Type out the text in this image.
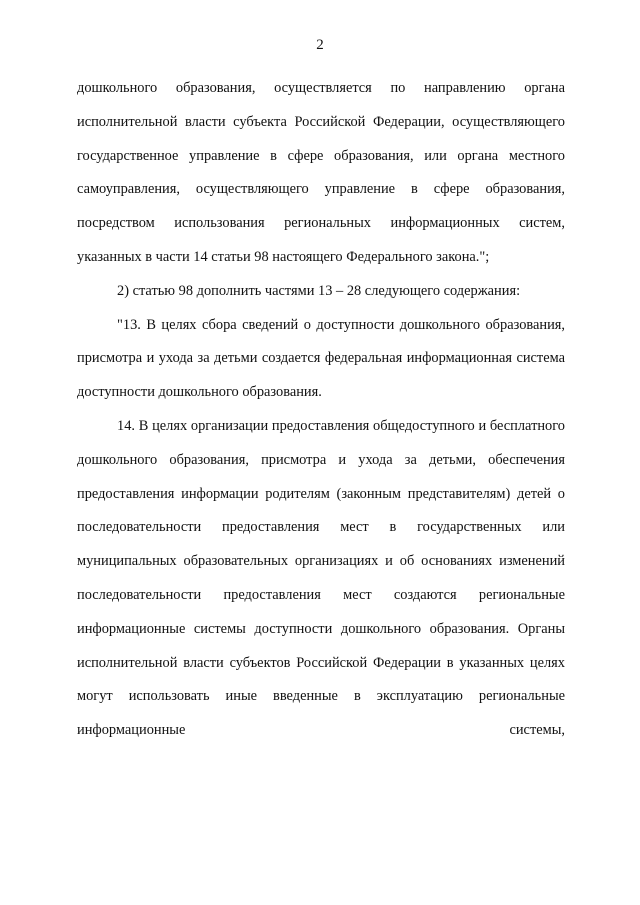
2

дошкольного образования, осуществляется по направлению органа исполнительной власти субъекта Российской Федерации, осуществляющего государственное управление в сфере образования, или органа местного самоуправления, осуществляющего управление в сфере образования, посредством использования региональных информационных систем, указанных в части 14 статьи 98 настоящего Федерального закона.";

2) статью 98 дополнить частями 13 – 28 следующего содержания:

"13. В целях сбора сведений о доступности дошкольного образования, присмотра и ухода за детьми создается федеральная информационная система доступности дошкольного образования.

14. В целях организации предоставления общедоступного и бесплатного дошкольного образования, присмотра и ухода за детьми, обеспечения предоставления информации родителям (законным представителям) детей о последовательности предоставления мест в государственных или муниципальных образовательных организациях и об основаниях изменений последовательности предоставления мест создаются региональные информационные системы доступности дошкольного образования. Органы исполнительной власти субъектов Российской Федерации в указанных целях могут использовать иные введенные в эксплуатацию региональные информационные системы,
